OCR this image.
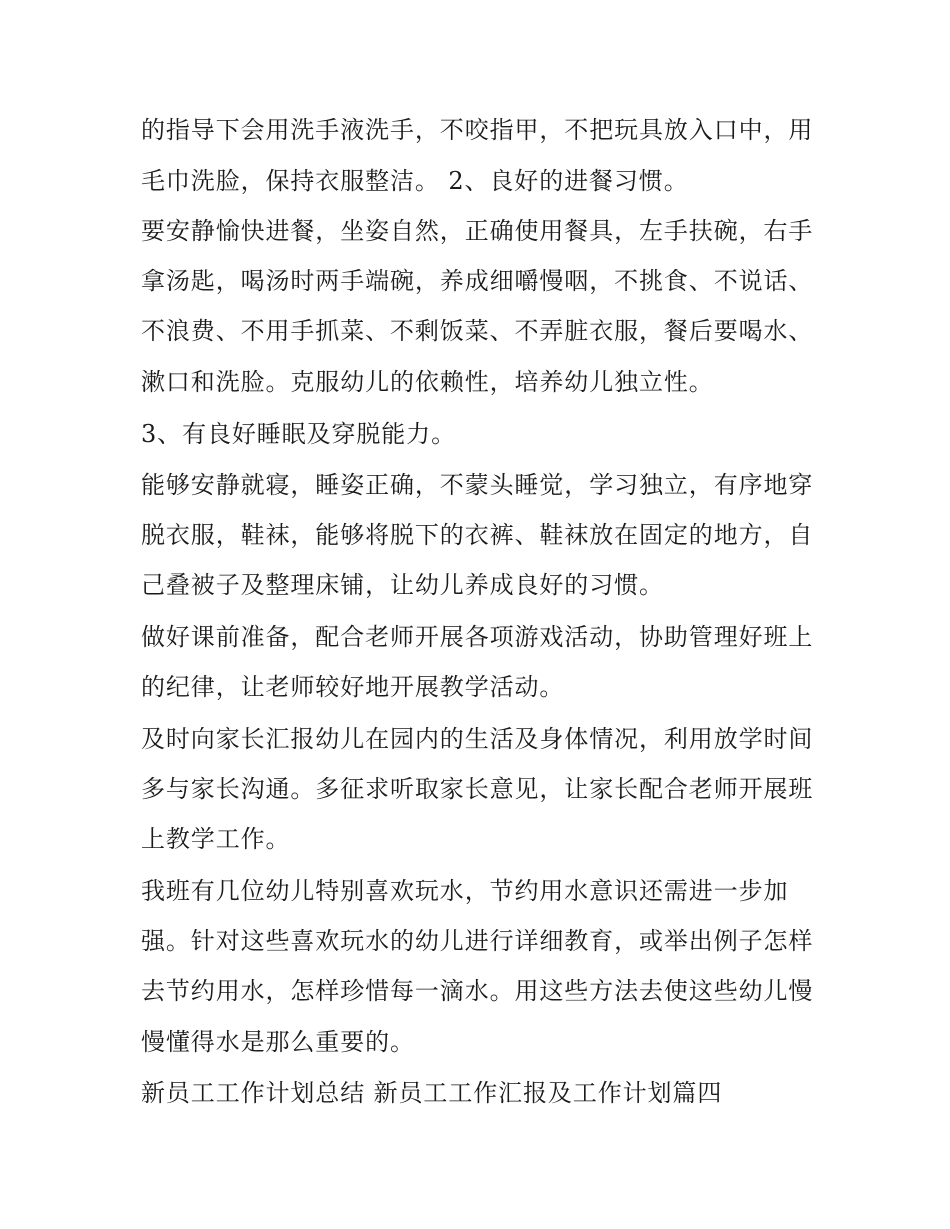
的指导下会用洗手液洗手，不咬指甲，不把玩具放入口中，用
毛巾洗脸，保持衣服整洁。 2、良好的进餐习惯。
要安静愉快进餐，坐姿自然，正确使用餐具，左手扶碗，右手
拿汤匙，喝汤时两手端碗，养成细嚼慢咽，不挑食、不说话、
不浪费、不用手抓菜、不剩饭菜、不弄脏衣服，餐后要喝水、
漱口和洗脸。克服幼儿的依赖性，培养幼儿独立性。
3、有良好睡眠及穿脱能力。
能够安静就寝，睡姿正确，不蒙头睡觉，学习独立，有序地穿
脱衣服，鞋袜，能够将脱下的衣裤、鞋袜放在固定的地方，自
己叠被子及整理床铺，让幼儿养成良好的习惯。
做好课前准备，配合老师开展各项游戏活动，协助管理好班上
的纪律，让老师较好地开展教学活动。
及时向家长汇报幼儿在园内的生活及身体情况，利用放学时间
多与家长沟通。多征求听取家长意见，让家长配合老师开展班
上教学工作。
我班有几位幼儿特别喜欢玩水，节约用水意识还需进一步加
强。针对这些喜欢玩水的幼儿进行详细教育，或举出例子怎样
去节约用水，怎样珍惜每一滴水。用这些方法去使这些幼儿慢
慢懂得水是那么重要的。
新员工工作计划总结 新员工工作汇报及工作计划篇四
